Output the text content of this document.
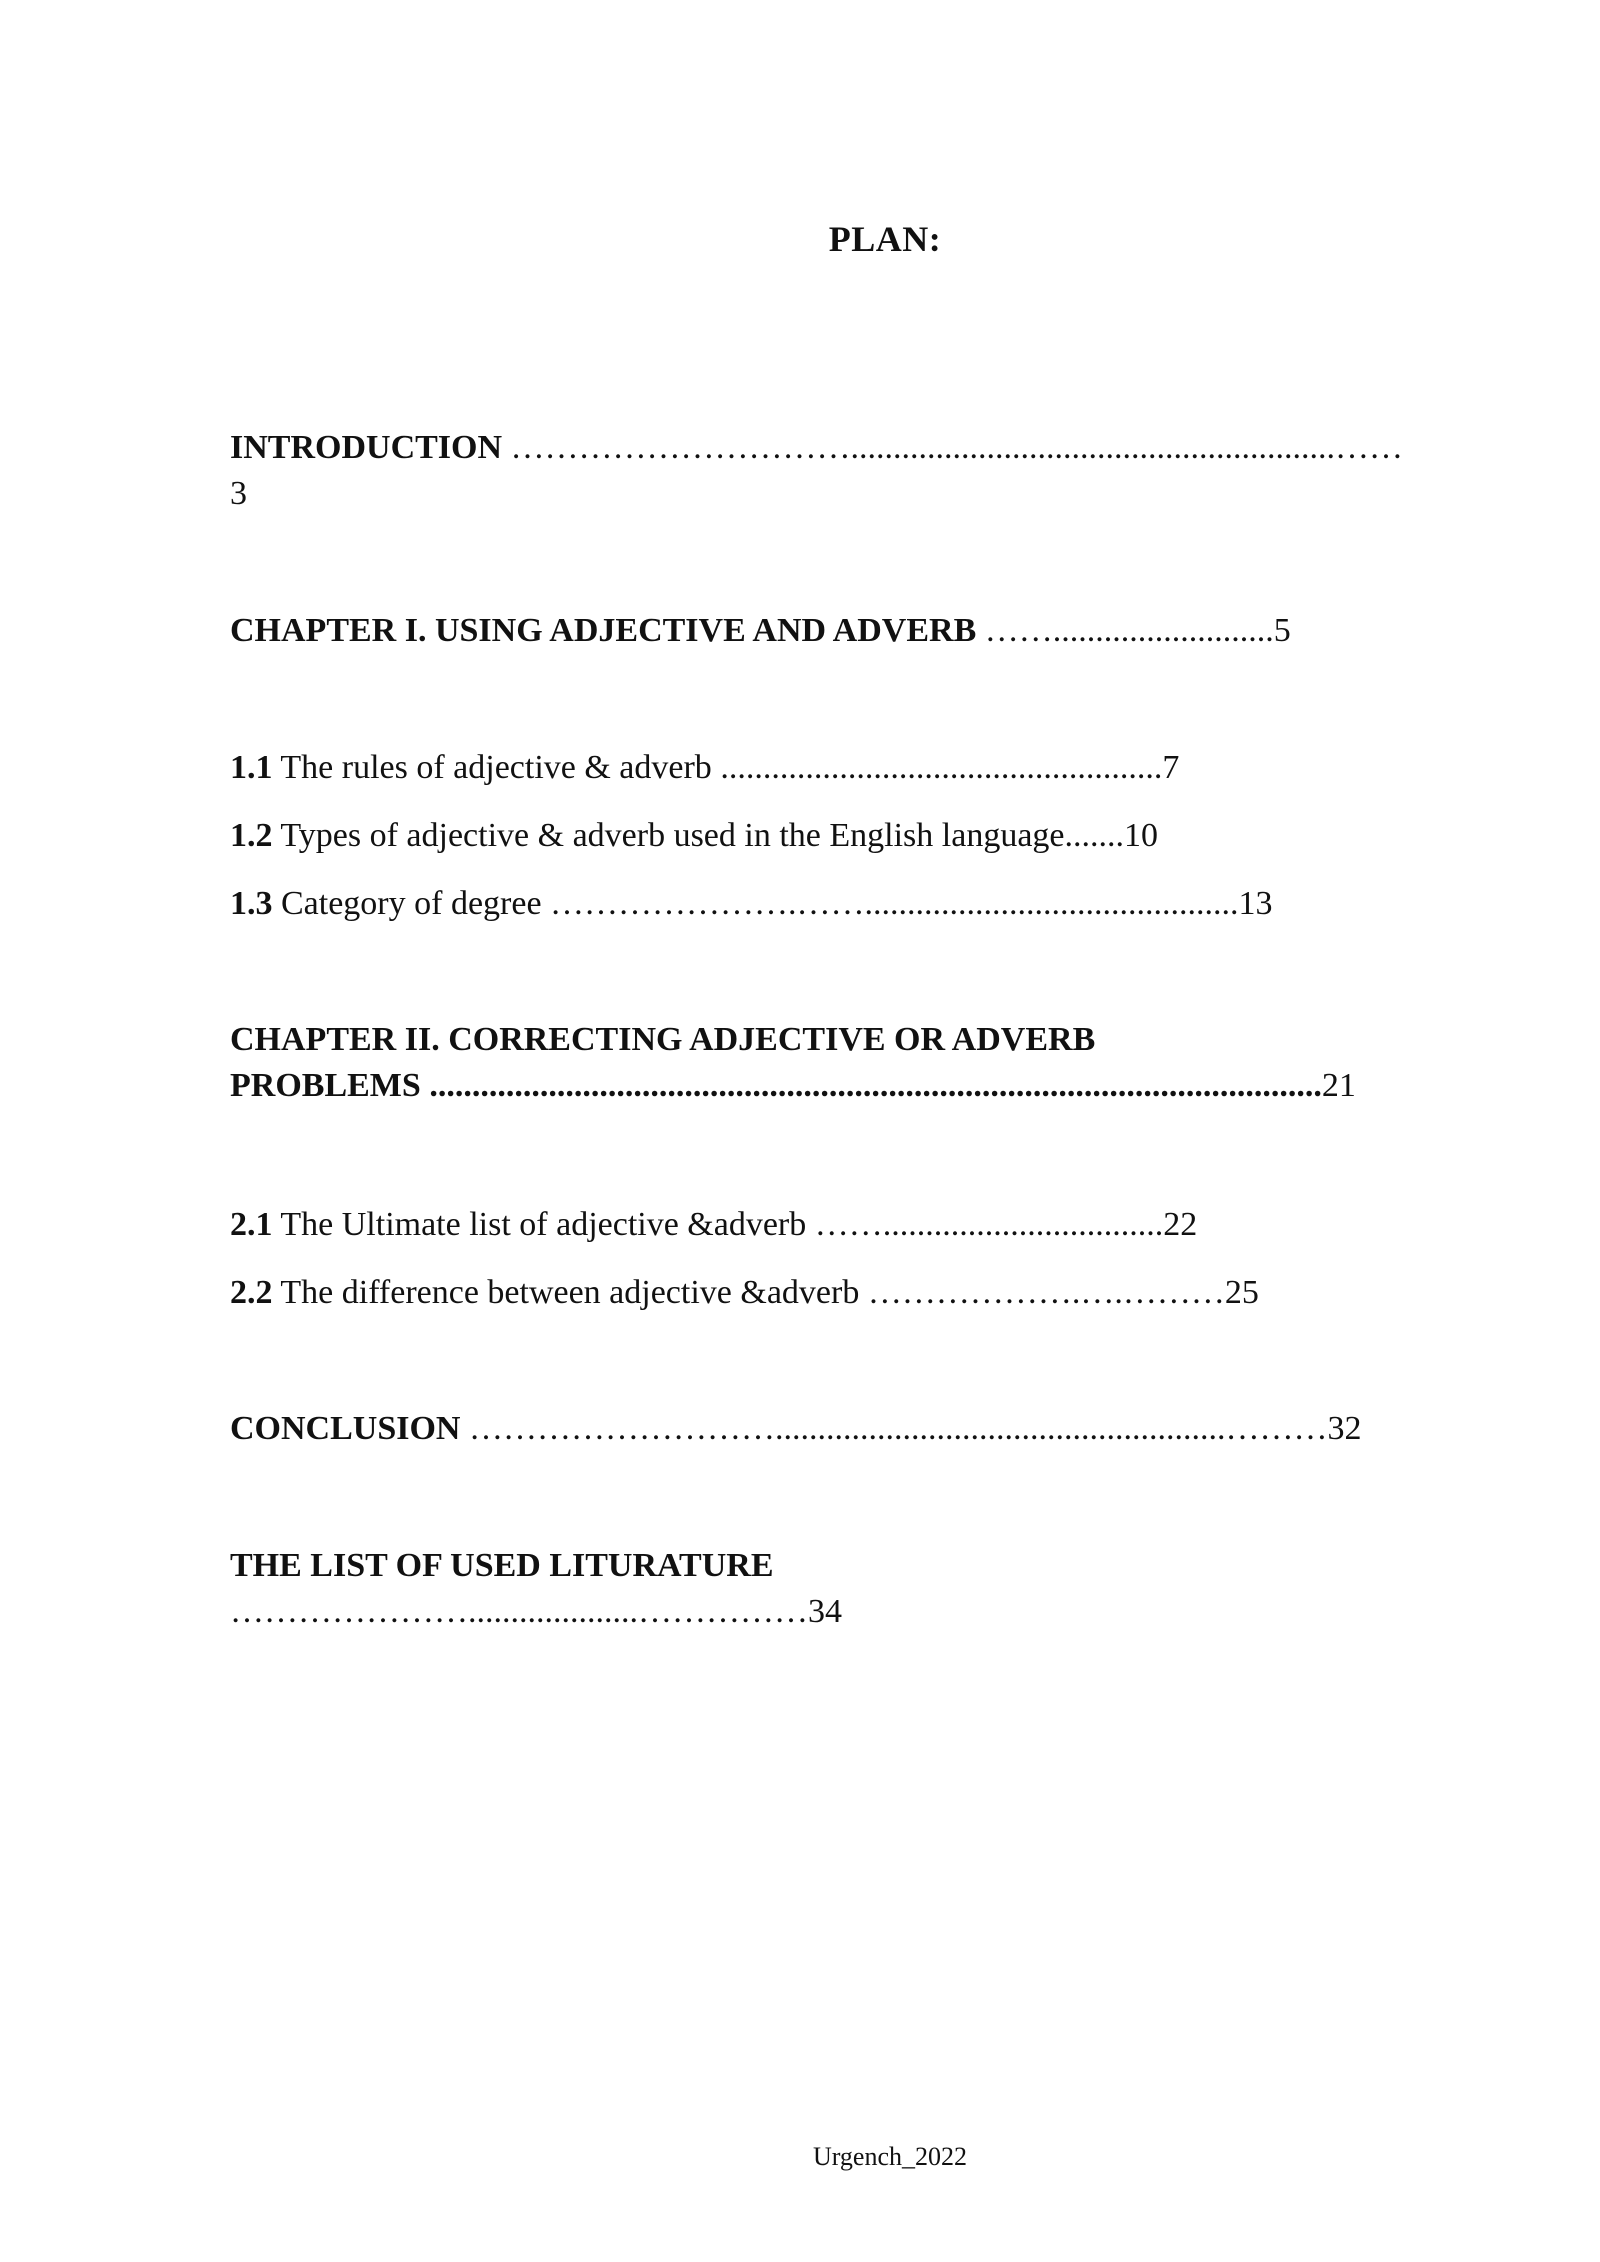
PLAN:
INTRODUCTION ………………………….........................................................……
3
CHAPTER I. USING ADJECTIVE AND ADVERB ……..........................5
1.1 The rules of adjective & adverb ....................................................7
1.2 Types of adjective & adverb used in the English language.......10
1.3 Category of degree ………………….……............................................13
CHAPTER II. CORRECTING ADJECTIVE OR ADVERB
PROBLEMS .........................................................................................................21
2.1 The Ultimate list of adjective &adverb …….................................22
2.2 The difference between adjective &adverb ……………….….………25
CONCLUSION ……………………….....................................................………32
THE LIST OF USED LITURATURE
…………………....................……………34
Urgench_2022
